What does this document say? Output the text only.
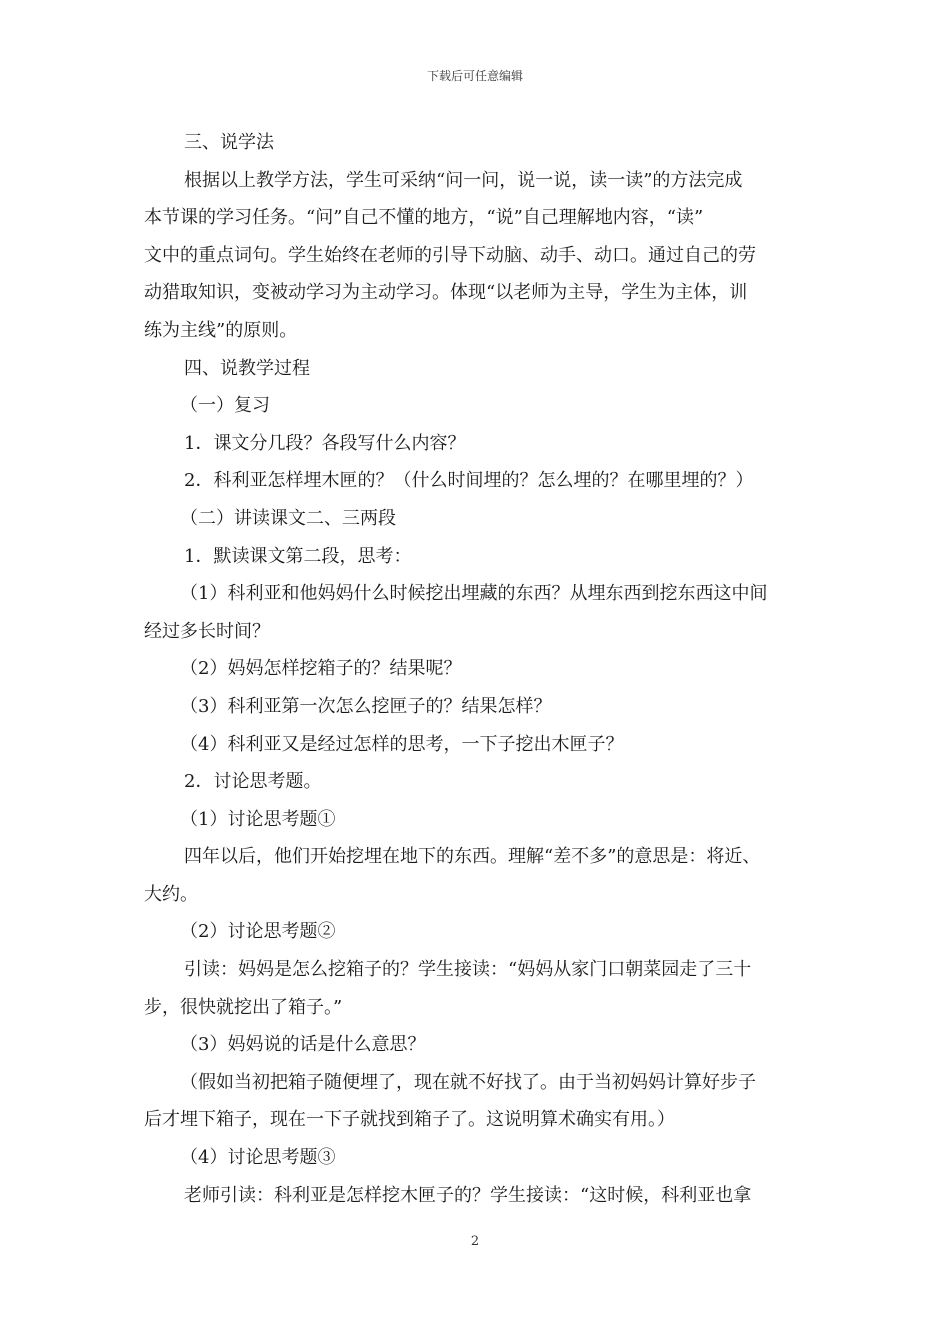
下载后可任意编辑

三、说学法

根据以上教学方法，学生可采纳“问一问，说一说，读一读”的方法完成

本节课的学习任务。“问”自己不懂的地方，“说”自己理解地内容，“读”

文中的重点词句。学生始终在老师的引导下动脑、动手、动口。通过自己的劳

动猎取知识，变被动学习为主动学习。体现“以老师为主导，学生为主体，训

练为主线”的原则。

四、说教学过程

（一）复习

1．课文分几段？各段写什么内容？

2．科利亚怎样埋木匣的？（什么时间埋的？怎么埋的？在哪里埋的？）

（二）讲读课文二、三两段

1．默读课文第二段，思考：

（1）科利亚和他妈妈什么时候挖出埋藏的东西？从埋东西到挖东西这中间

经过多长时间？

（2）妈妈怎样挖箱子的？结果呢？

（3）科利亚第一次怎么挖匣子的？结果怎样？

（4）科利亚又是经过怎样的思考，一下子挖出木匣子？

2．讨论思考题。

（1）讨论思考题①

四年以后，他们开始挖埋在地下的东西。理解“差不多”的意思是：将近、

大约。

（2）讨论思考题②

引读：妈妈是怎么挖箱子的？学生接读：“妈妈从家门口朝菜园走了三十

步，很快就挖出了箱子。”

（3）妈妈说的话是什么意思？

（假如当初把箱子随便埋了，现在就不好找了。由于当初妈妈计算好步子

后才埋下箱子，现在一下子就找到箱子了。这说明算术确实有用。）

（4）讨论思考题③

老师引读：科利亚是怎样挖木匣子的？学生接读：“这时候，科利亚也拿

2
